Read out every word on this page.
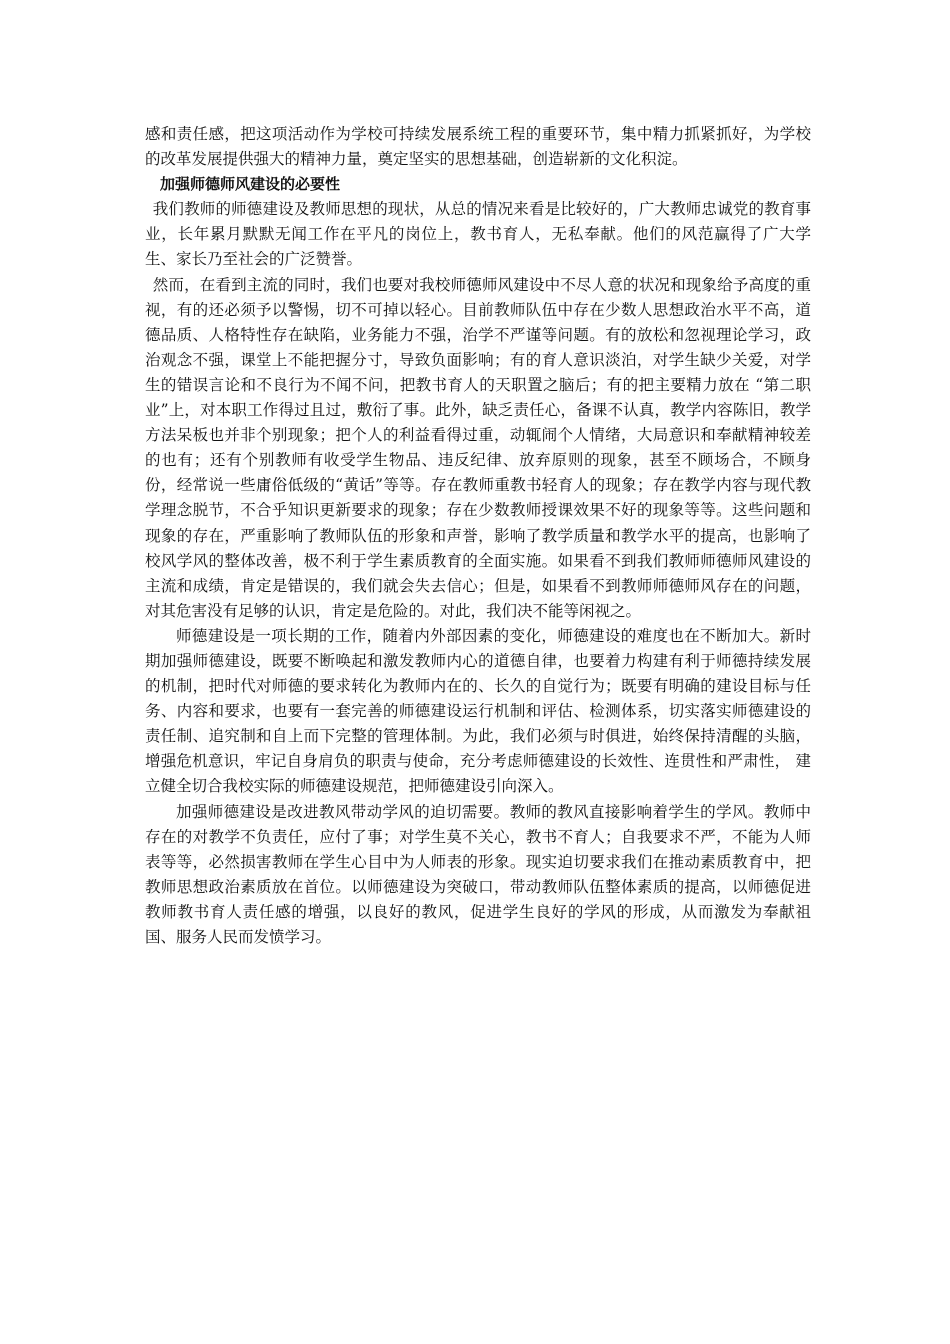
感和责任感，把这项活动作为学校可持续发展系统工程的重要环节，集中精力抓紧抓好，为学校的改革发展提供强大的精神力量，奠定坚实的思想基础，创造崭新的文化积淀。

加强师德师风建设的必要性

我们教师的师德建设及教师思想的现状，从总的情况来看是比较好的，广大教师忠诚党的教育事业，长年累月默默无闻工作在平凡的岗位上，教书育人，无私奉献。他们的风范赢得了广大学生、家长乃至社会的广泛赞誉。

然而，在看到主流的同时，我们也要对我校师德师风建设中不尽人意的状况和现象给予高度的重视，有的还必须予以警惕，切不可掉以轻心。目前教师队伍中存在少数人思想政治水平不高，道德品质、人格特性存在缺陷，业务能力不强，治学不严谨等问题。有的放松和忽视理论学习，政治观念不强，课堂上不能把握分寸，导致负面影响；有的育人意识淡泊，对学生缺少关爱，对学生的错误言论和不良行为不闻不问，把教书育人的天职置之脑后；有的把主要精力放在 “第二职业”上，对本职工作得过且过，敷衍了事。此外，缺乏责任心，备课不认真，教学内容陈旧，教学方法呆板也并非个别现象；把个人的利益看得过重，动辄闹个人情绪，大局意识和奉献精神较差的也有；还有个别教师有收受学生物品、违反纪律、放弃原则的现象，甚至不顾场合，不顾身份，经常说一些庸俗低级的“黄话”等等。存在教师重教书轻育人的现象；存在教学内容与现代教学理念脱节，不合乎知识更新要求的现象；存在少数教师授课效果不好的现象等等。这些问题和现象的存在，严重影响了教师队伍的形象和声誉，影响了教学质量和教学水平的提高，也影响了校风学风的整体改善，极不利于学生素质教育的全面实施。如果看不到我们教师师德师风建设的主流和成绩，肯定是错误的，我们就会失去信心；但是，如果看不到教师师德师风存在的问题，对其危害没有足够的认识，肯定是危险的。对此，我们决不能等闲视之。

师德建设是一项长期的工作，随着内外部因素的变化，师德建设的难度也在不断加大。新时期加强师德建设，既要不断唤起和激发教师内心的道德自律，也要着力构建有利于师德持续发展的机制，把时代对师德的要求转化为教师内在的、长久的自觉行为；既要有明确的建设目标与任务、内容和要求，也要有一套完善的师德建设运行机制和评估、检测体系，切实落实师德建设的责任制、追究制和自上而下完整的管理体制。为此，我们必须与时俱进，始终保持清醒的头脑，增强危机意识，牢记自身肩负的职责与使命，充分考虑师德建设的长效性、连贯性和严肃性， 建立健全切合我校实际的师德建设规范，把师德建设引向深入。

加强师德建设是改进教风带动学风的迫切需要。教师的教风直接影响着学生的学风。教师中存在的对教学不负责任，应付了事；对学生莫不关心，教书不育人；自我要求不严，不能为人师表等等，必然损害教师在学生心目中为人师表的形象。现实迫切要求我们在推动素质教育中，把教师思想政治素质放在首位。以师德建设为突破口，带动教师队伍整体素质的提高，以师德促进教师教书育人责任感的增强，以良好的教风，促进学生良好的学风的形成，从而激发为奉献祖国、服务人民而发愤学习。
